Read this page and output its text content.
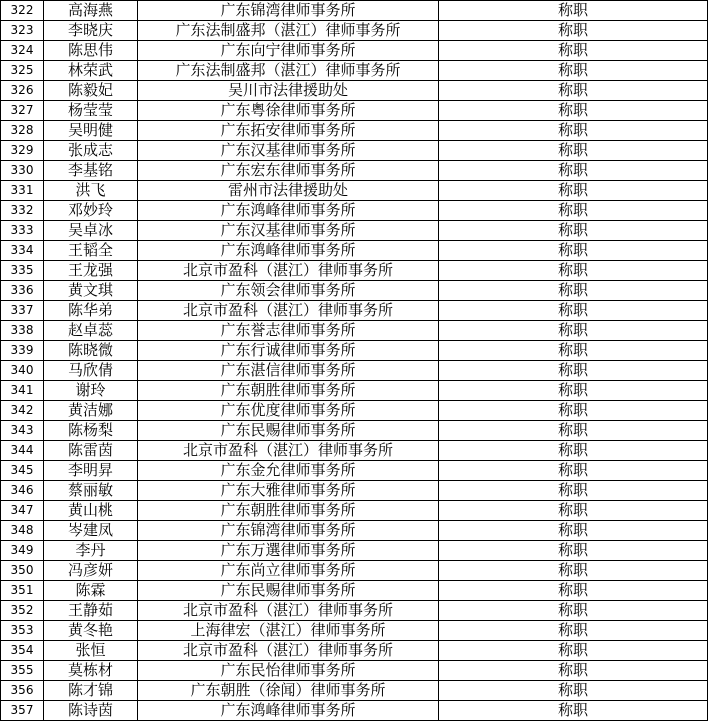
322	高海燕	广东锦湾律师事务所	称职
323	李晓庆	广东法制盛邦（湛江）律师事务所	称职
324	陈思伟	广东向宁律师事务所	称职
325	林荣武	广东法制盛邦（湛江）律师事务所	称职
326	陈毅妃	吴川市法律援助处	称职
327	杨莹莹	广东粤徐律师事务所	称职
328	吴明健	广东拓安律师事务所	称职
329	张成志	广东汉基律师事务所	称职
330	李基铭	广东宏东律师事务所	称职
331	洪飞	雷州市法律援助处	称职
332	邓妙玲	广东鸿峰律师事务所	称职
333	吴卓冰	广东汉基律师事务所	称职
334	王韬全	广东鸿峰律师事务所	称职
335	王龙强	北京市盈科（湛江）律师事务所	称职
336	黄文琪	广东领会律师事务所	称职
337	陈华弟	北京市盈科（湛江）律师事务所	称职
338	赵卓蕊	广东誉志律师事务所	称职
339	陈晓微	广东行诚律师事务所	称职
340	马欣倩	广东湛信律师事务所	称职
341	谢玲	广东朝胜律师事务所	称职
342	黄洁娜	广东优度律师事务所	称职
343	陈杨梨	广东民赐律师事务所	称职
344	陈雷茵	北京市盈科（湛江）律师事务所	称职
345	李明昇	广东金允律师事务所	称职
346	蔡丽敏	广东大雅律师事务所	称职
347	黄山桃	广东朝胜律师事务所	称职
348	岑建凤	广东锦湾律师事务所	称职
349	李丹	广东万選律师事务所	称职
350	冯彦妍	广东尚立律师事务所	称职
351	陈霖	广东民赐律师事务所	称职
352	王静茹	北京市盈科（湛江）律师事务所	称职
353	黄冬艳	上海律宏（湛江）律师事务所	称职
354	张恒	北京市盈科（湛江）律师事务所	称职
355	莫栋材	广东民怡律师事务所	称职
356	陈才锦	广东朝胜（徐闻）律师事务所	称职
357	陈诗茵	广东鸿峰律师事务所	称职
